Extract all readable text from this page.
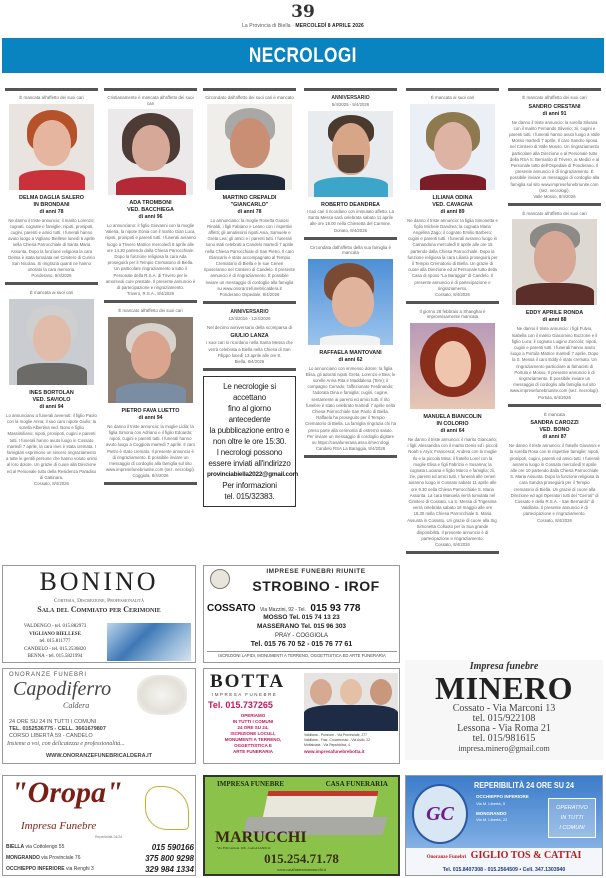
39
La Provincia di Biella · MERCOLEDÌ 8 APRILE 2026
NECROLOGI
È mancata all'affetto dei suoi cari
DELMA DAGLIA SALERO
IN BRONDANI
di anni 78
Ne danno il triste annuncio: il marito Lorenzo; cognati, cognate e famiglie, nipoti, pronipoti, cugini, parenti e amici tutti. I funerali hanno avuto luogo a Vigliano Biellese lunedì 6 aprile nella Chiesa Parrocchiale di Santa Maria Assunta. Dopo la funzione religiosa la cara Delma è stata tumulata nel Cimitero di Curino San Nicolao. Si ringrazia quanti ne hanno onorato la cara memoria.
Ponderano, 8/4/2026
È mancata ai suoi cari
INES BORTOLAN
VED. SAVIOLO
di anni 94
Lo annunciano a funerali avvenuti: il figlio Paolo con la moglie Anna; il suo caro nipote Giulio; la sorella Albertina ved. Bono e figlio Massimiliano; nipoti, pronipoti, cugini e parenti tutti. I funerali hanno avuto luogo in Cossato martedì 7 aprile, la cara Ines è stata cremata. I famigliari esprimono un sincero ringraziamento a tutte le gentili persone che hanno voluto unirsi al loro dolore. Un grazie di cuore alla Direzione ed al Personale tutto della Residenza Paradiso di Gattinara.
Cossato, 8/4/2026
Cristianamente è mancata all'affetto dei suoi cari
ADA TROMBONI
VED. BACCHIEGA
di anni 96
Lo annunciano: il figlio Giovanni con la moglie Valeria, la nipote Sonia con il marito Gian Luca, nipoti, pronipoti e parenti tutti. I funerali avranno luogo a Trivero Matrice mercoledì 8 aprile alle ore 14.30 partendo dalla Chiesa Parrocchiale. Dopo la funzione religiosa la cara Ada proseguirà per il Tempio Crematorio di Biella. Un particolare ringraziamento a tutto il Personale della R.S.A. di Trivero per le amorevoli cure prestate. Il presente annuncio è di partecipazione e ringraziamento.
Trivero, R.S.A., 8/4/2026
È mancato all'affetto dei suoi cari
PIETRO FAVA LUETTO
di anni 94
Ne danno il triste annuncio: la moglie Lidia; la figlia Simona con Adriano e il figlio Edoardo; nipoti, cugini e parenti tutti. I funerali hanno avuto luogo a Coggiola martedì 7 aprile. Il caro Pietro è stato cremato. Il presente annuncio è di ringraziamento. È possibile inviare un messaggio di cordoglio alla famiglia sul sito www.impresefunebriunite.com (sez. necrologi).
Coggiola, 8/4/2026
Circondato dall'affetto dei suoi cari è mancato
MARTINO CREPALDI
"GIANCARLO"
di anni 78
Lo annunciano: la moglie Rosetta Gioiosi Rinaldi, i figli Fabiano e Leano con i rispettivi affetti; gli amatissimi nipoti Asia, Samuele e Greta Lea; gli amici e i parenti tutti. I funerali sono stati celebrati a Candelo martedì 7 aprile nella Chiesa Parrocchiale di San Pietro. Il caro Giancarlo è stato accompagnato al Tempio Crematorio di Biella e le sue Ceneri riposeranno nel Cimitero di Candelo. Il presente annuncio è di ringraziamento. È possibile inviare un messaggio di cordoglio alla famiglia su www.onoranzefunebricaldera.it
Ponderano Ospedale, 8/4/2026
ANNIVERSARIO
12/4/2016 - 12/4/2026
Nel decimo anniversario della scomparsa di
GIULIO LANZA
I suoi cari lo ricordano nella Santa Messa che verrà celebrata a Biella nella Chiesa di San Filippo lunedì 13 aprile alle ore 8.
Biella, 8/4/2026
Le necrologie si accettano
fino al giorno antecedente
la pubblicazione entro e
non oltre le ore 15:30.
I necrologi possono
essere inviati all'indirizzo
provinciabiella2022@gmail.com
Per informazioni
tel. 015/32383.
ANNIVERSARIO
5/4/2025 - 5/4/2026
ROBERTO DEANDREA
I tuoi cari ti ricordano con immutato affetto. La Santa Messa sarà celebrata sabato 11 aprile alle ore 18.00 nella Chiesetta del Carmine.
Donato, 8/4/2026
Circondata dall'affetto della sua famiglia è mancata
RAFFAELA MANTOVANI
di anni 62
Lo annunciano con immenso dolore: la figlia Elisa, gli adorati nipoti Greta, Lorenzo e Bea; le sorelle Anna Rita e Maddalena (Tere); il compagno Corrado; l'affezionato Ferdinando; l'adorata Dina e famiglia; cugini, cugine, sentamente ai parenti ed amici tutti. Il rito funebre è stato celebrato martedì 7 aprile nella Chiesa Parrocchiale San Paolo di Biella. Raffaela ha proseguito per il Tempio Crematorio di Biella. La famiglia ringrazia chi ha preso parte alla cerimonia di estremo saluto. Per inviare un messaggio di cordoglio digitare su https://casafuneraria.asso.it/necrologi
Candelo RSA La Baraggia, 8/4/2026
È mancata ai suoi cari
LILIANA ODINA
VED. CAVAGNA
di anni 89
Ne danno il triste annuncio: la figlia Simonetta e figlio Michele Dandrea; la cognata Maria Angelina Zago; il cognato Ersilio Barbero; cugini e parenti tutti. I funerali avranno luogo in Camandona mercoledì 8 aprile alle ore 15 partendo dalla Chiesa Parrocchiale. Dopo la funzione religiosa la cara Liliana proseguirà per il Tempio Crematorio di Biella. Un grazie di cuore alla Direzione ed al Personale tutto della Casa di riposo "La Baraggia" di Candelo. Il presente annuncio è di partecipazione e ringraziamento.
Cossato, 8/4/2026
Il giorno 28 febbraio a Shanghai è improvvisamente mancata
MANUELA BIANCOLIN
IN COLORIO
di anni 64
Ne danno il triste annuncio: il marito Giancarlo; i figli: Alessandra con il marito Denis ed i piccoli Noah e Arya; Francesca; Andrea con la moglie Ilo e la piccola Mina; il fratello Lorel con la moglie Elisa e figli Fabrizio e Susanna; la cognata Luciana e figlio Marco e famiglia; zii, zie, parenti ed amici tutti. I funerali alle ceneri avranno luogo in Cossato sabato 11 aprile alle ore 9.30 nella Chiesa Parrocchiale S. Maria Assunta. La cara Manuela verrà tumulata nel Cimitero di Cossato. La S. Messa di Trigesima verrà celebrata sabato 16 maggio alle ore 18.30 nella Chiesa Parrocchiale S. Maria Assunta in Cossato. Un grazie di cuore alla Sig. Simonetta Colluoto per la Sua grande disponibilità. Il presente annuncio è di partecipazione e ringraziamento.
Cossato, 8/4/2026
È mancato all'affetto dei suoi cari
SANDRO CRESTANI
di anni 91
Ne danno il triste annuncio: la sorella Silvana con il marito Fernando Silverio; zii, cugini e parenti tutti. I funerali hanno avuto luogo a Valle Mosso martedì 7 aprile. Il caro Sandro riposa nel Cimitero di Valle Mosso. Un ringraziamento particolare alla Direzione e al Personale tutto della RSA S. Bernardo di Trivero, ai Medici e al Personale tutto dell'Ospedale di Ponderano. Il presente annuncio è di ringraziamento. È possibile inviare un messaggio di cordoglio alla famiglia sul sito www.impresefunebriunite.com (sez. necrologi).
Valle Mosso, 8/4/2026
È mancato all'affetto dei suoi cari
EDDY APRILE RONDA
di anni 88
Ne danno il triste annuncio: i figli Fulvio, Isabella con il marito Giacomino Bozzone e il figlio Luca; il cognato Luigino Zoccolo; nipoti, cugini e parenti tutti. I funerali hanno avuto luogo a Portula Matrice martedì 7 aprile. Dopo la S. Messa il caro Eddy è stato cremato. Un ringraziamento particolare ai famacisti di Portula e Mosso. Il presente annuncio è di ringraziamento. È possibile inviare un messaggio di cordoglio alla famiglia sul sito www.impresefunebriunite.com (sez. necrologi).
Portula, 8/4/2026
È mancata
SANDRA CAROZZI
VED. BONO
di anni 87
Ne danno il triste annuncio: il fratello Giovanni e la sorella Rosa con le rispettive famiglie; nipoti, pronipoti, cugini, parenti ed amici tutti. I funerali avranno luogo in Cossato mercoledì 8 aprile alle ore 10 partendo dalla Chiesa Parrocchiale S. Maria Assunta. Dopo la funzione religiosa la cara Sandra proseguirà per il Tempio crematorio di Biella. Un grazie di cuore alla Direzione ed agli Operatori tutti del "Cerruti" di Cossato e della R.S.A. - San Bernardo" di Valdilana. Il presente annuncio è di partecipazione e ringraziamento.
Cossato, 8/4/2026
BONINO
Cortesia, Discrezione, Professionalità
Sala del Commiato per Cerimonie
VALDENGO - tel. 015.882973
VIGLIANO BIELLESE
tel. 015.811777
CANDELO - tel. 015.2536820
BENNA - tel. 015.5821994
IMPRESE FUNEBRI RIUNITE
STROBINO - IROF
COSSATO Via Mazzini, 92 - Tel. 015 93 778
MOSSO Tel. 015 74 13 23
MASSERANO Tel. 015 96 303
PRAY - COGGIOLA
Tel. 015 76 70 52 - 015 76 77 61
ISCRIZIONI LAPIDI, MONUMENTI A TERRENO, OGGETTISTICA ED ARTE FUNERARIA
Impresa funebre
MINERO
Cossato - Via Marconi 13
tel. 015/922108
Lessona - Via Roma 21
tel. 015/981615
impresa.minero@gmail.com
ONORANZE FUNEBRI
Capodiferro
Caldera
24 ORE SU 24 IN TUTTI I COMUNI
TEL. 0152536775 - CELL. 3661679807
CORSO LIBERTÀ 59 - CANDELO
Insieme a voi, con delicatezza e professionalità...
WWW.ONORANZEFUNEBRICALDERA.IT
BOTTA
IMPRESA FUNEBRE
Tel. 015.737265
OPERIAMO
IN TUTTI I COMUNI
24 ORE SU 24,
ISCRIZIONE LOCULI,
MONUMENTI A TERRENO,
OGGETTISTICA E
ARTE FUNERARIA
Valdilana - Ponzone - Via Provinciale, 277
Valdilana - Fraz. Crocemosso - Via Asilo, 22
Mottalciata - Via Repubblica, 4
www.impresafunebrebotta.it
"Oropa"
Impresa Funebre
Reperibilità 24/24
BIELLA via Cottolengo 55	015 590166
MONGRANDO via Provinciale 76	375 800 9298
OCCHIEPPO INFERIORE via Renghi 3	329 984 1334
IMPRESA FUNEBRE	CASA FUNERARIA
MARUCCHI
Via Fili Cernaia 106 - GAGLIANICO
015.254.71.78
www.casafunerariamarucchi.it
GC
REPERIBILITÀ 24 ORE SU 24
OCCHIEPPO INFERIORE
Via M. Libertà, 5
MONGRANDO
Via M. Libertà, 22
OPERATIVO
IN TUTTI
I COMUNI
Onoranze Funebri GIGLIO TOS & CATTAI
Tel. 015.8407308 - 015.2564509 • Cell. 347.1303940
